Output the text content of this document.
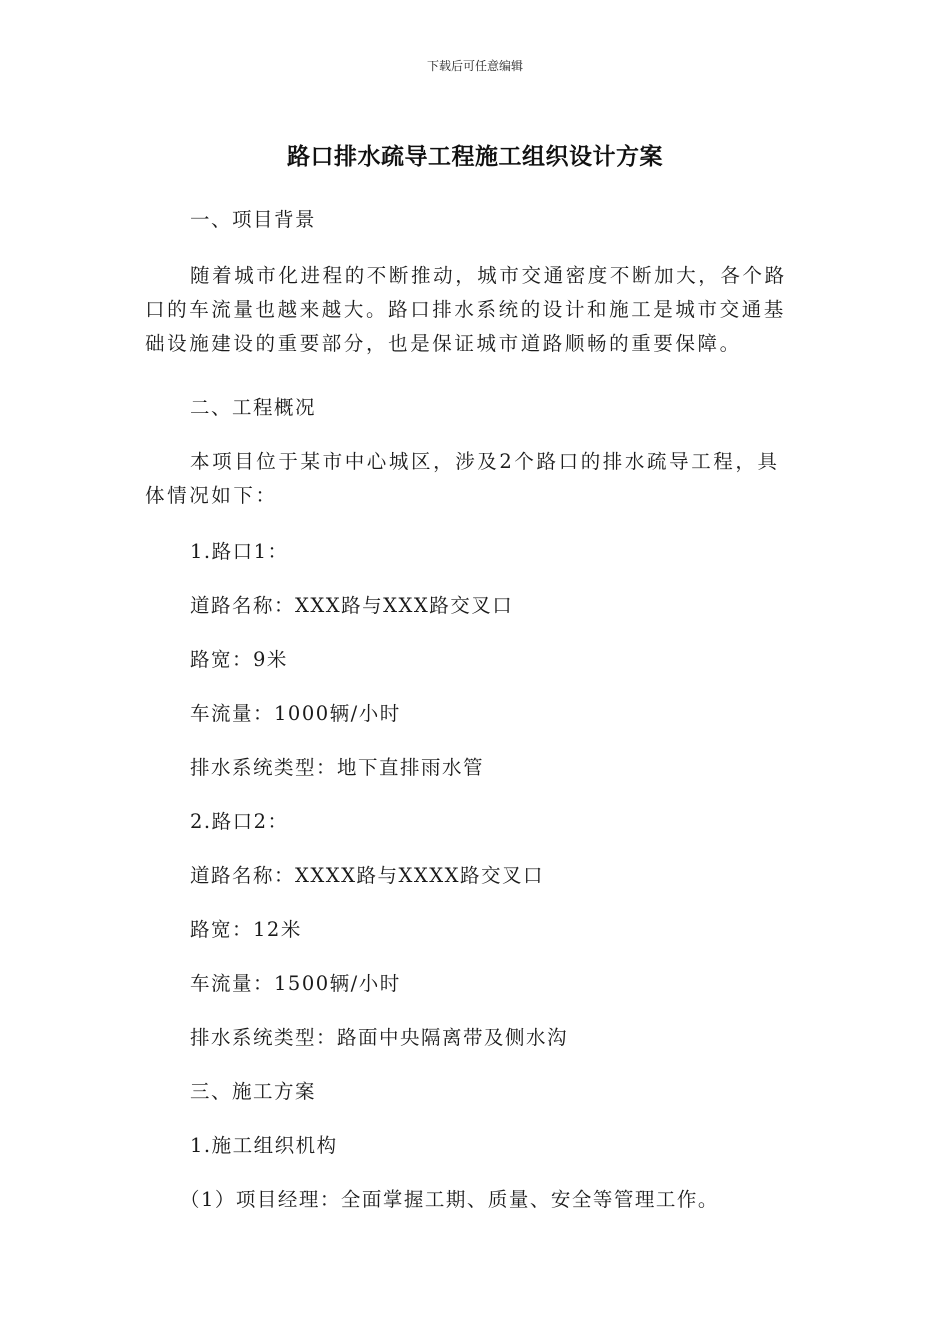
下载后可任意编辑
路口排水疏导工程施工组织设计方案
一、项目背景
随着城市化进程的不断推动，城市交通密度不断加大，各个路口的车流量也越来越大。路口排水系统的设计和施工是城市交通基础设施建设的重要部分，也是保证城市道路顺畅的重要保障。
二、工程概况
本项目位于某市中心城区，涉及2个路口的排水疏导工程，具体情况如下：
1.路口1：
道路名称：XXX路与XXX路交叉口
路宽：9米
车流量：1000辆/小时
排水系统类型：地下直排雨水管
2.路口2：
道路名称：XXXX路与XXXX路交叉口
路宽：12米
车流量：1500辆/小时
排水系统类型：路面中央隔离带及侧水沟
三、施工方案
1.施工组织机构
（1）项目经理：全面掌握工期、质量、安全等管理工作。
